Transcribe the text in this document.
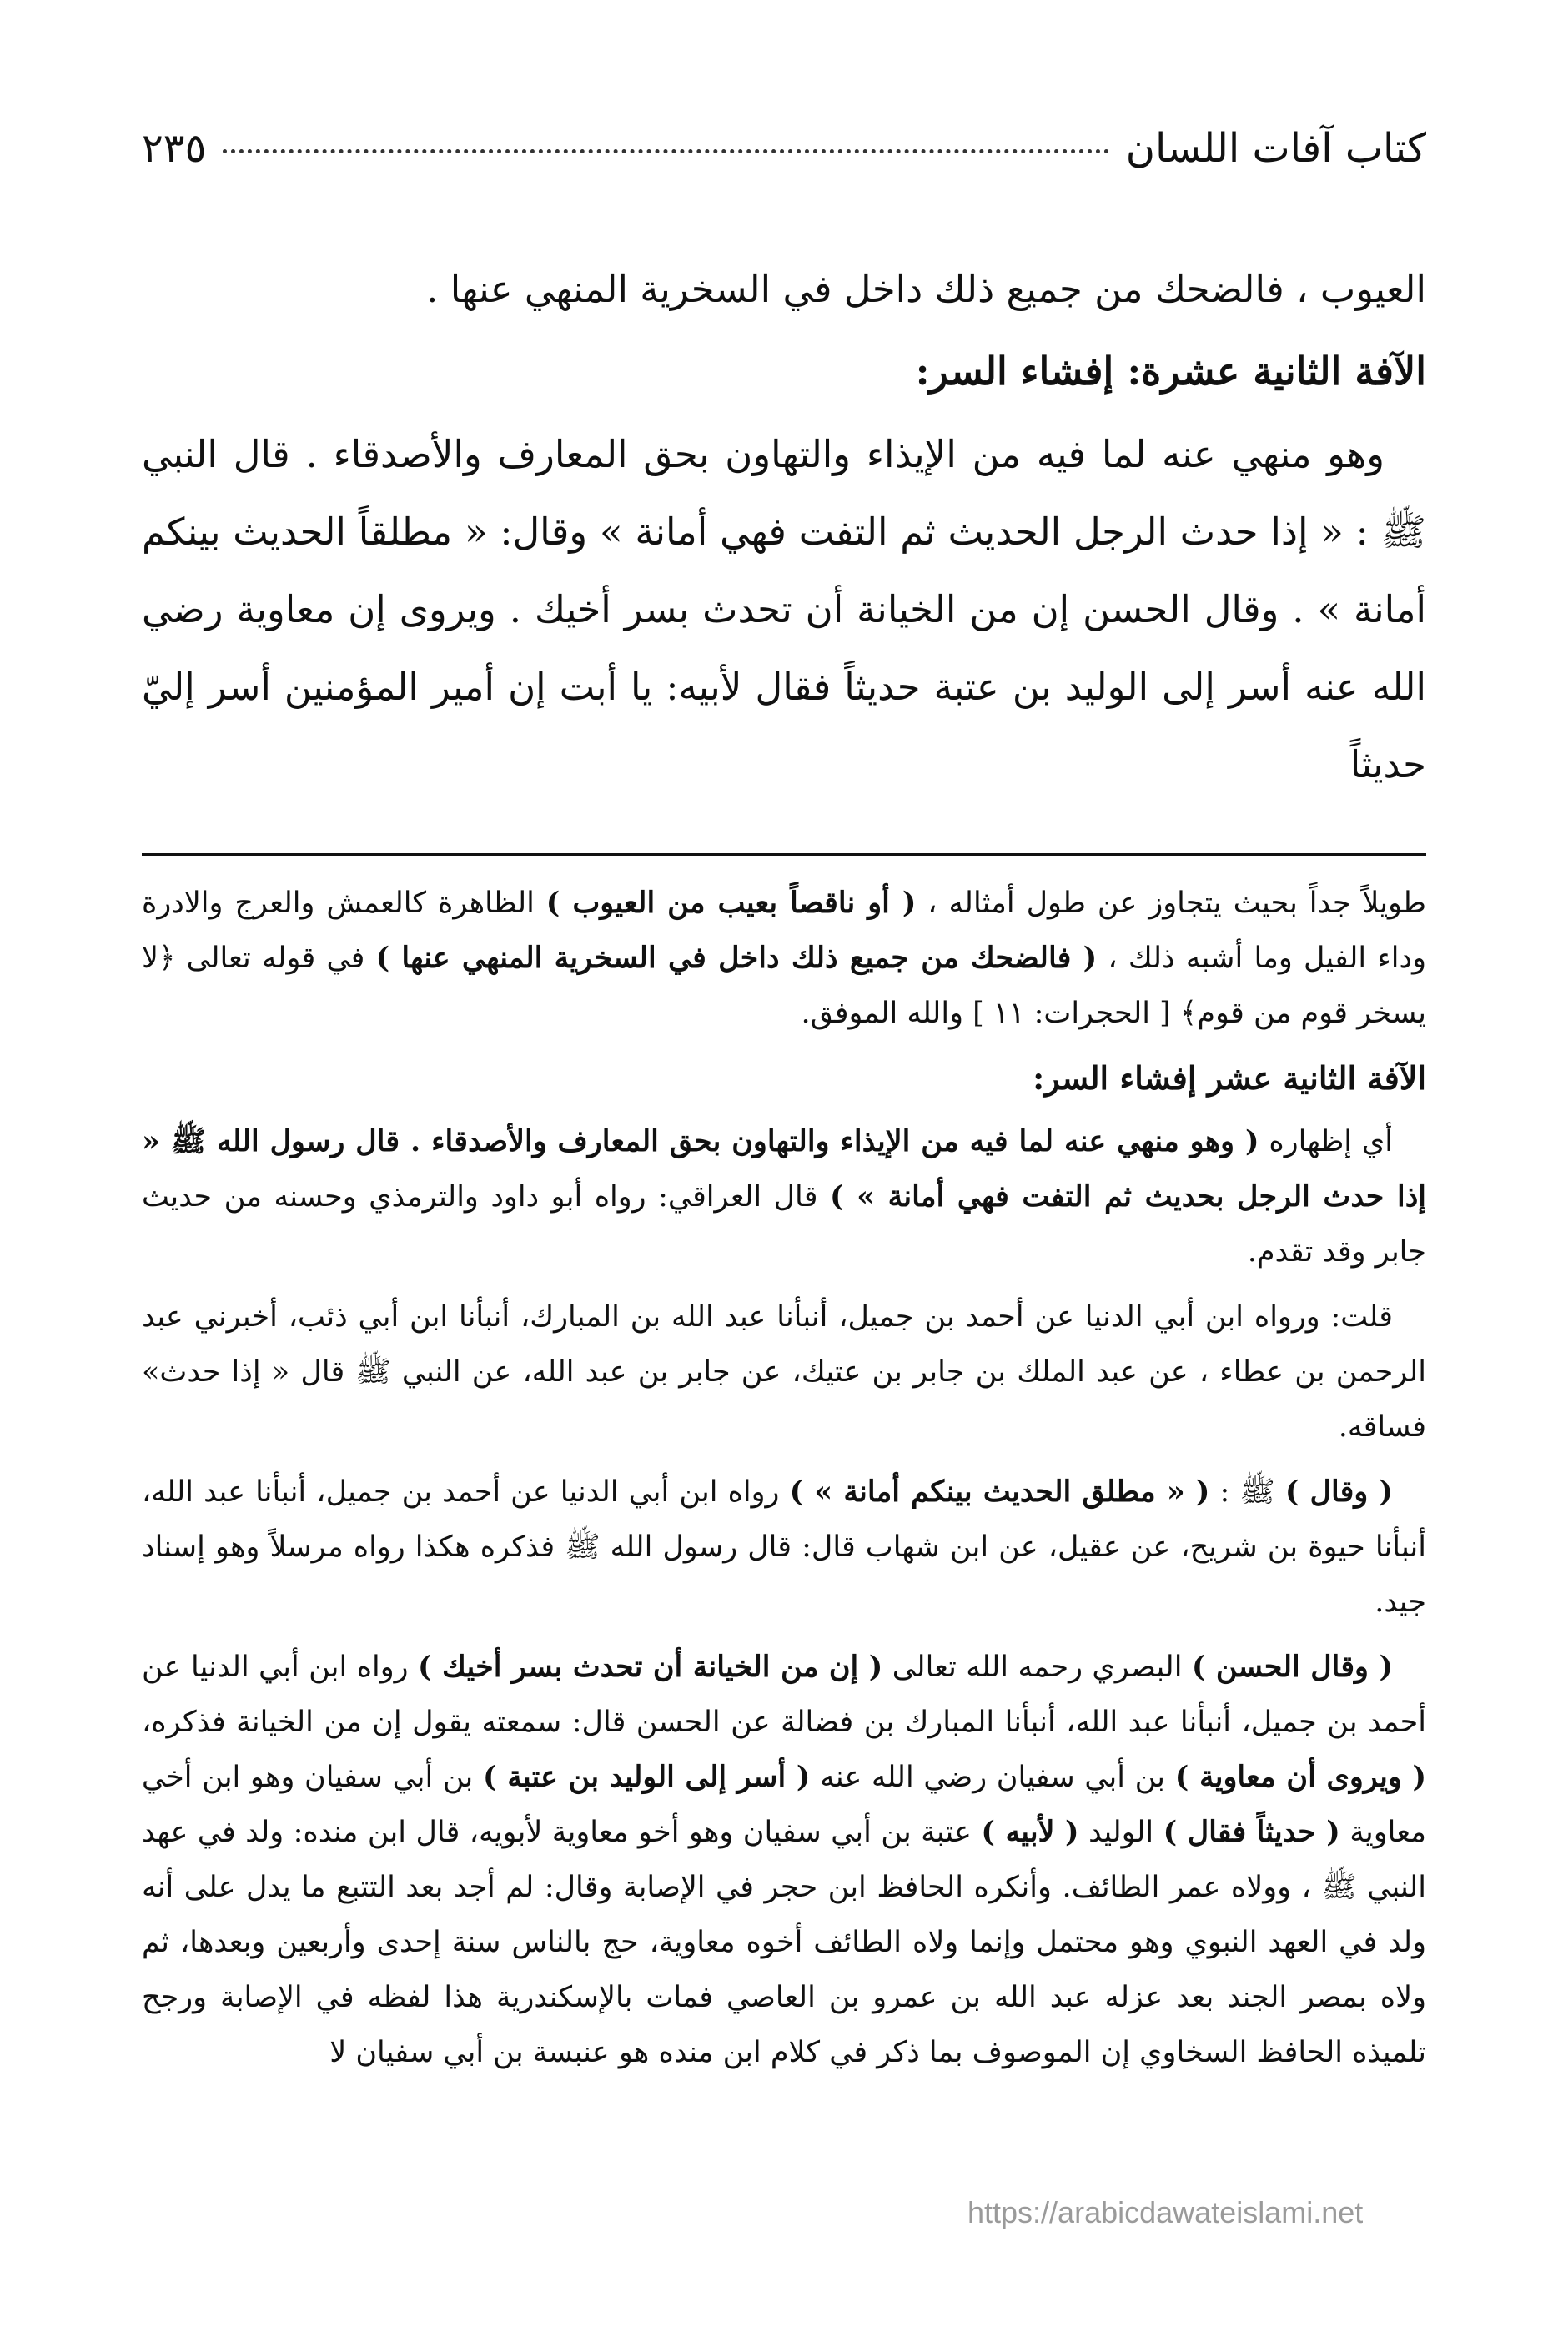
كتاب آفات اللسان
٢٣٥

العيوب ، فالضحك من جميع ذلك داخل في السخرية المنهي عنها .

الآفة الثانية عشرة: إفشاء السر:

وهو منهي عنه لما فيه من الإيذاء والتهاون بحق المعارف والأصدقاء . قال النبي ﷺ : « إذا حدث الرجل الحديث ثم التفت فهي أمانة » وقال: « مطلقاً الحديث بينكم أمانة » . وقال الحسن إن من الخيانة أن تحدث بسر أخيك . ويروى إن معاوية رضي الله عنه أسر إلى الوليد بن عتبة حديثاً فقال لأبيه: يا أبت إن أمير المؤمنين أسر إليّ حديثاً

طويلاً جداً بحيث يتجاوز عن طول أمثاله ، ( أو ناقصاً بعيب من العيوب ) الظاهرة كالعمش والعرج والادرة وداء الفيل وما أشبه ذلك ، ( فالضحك من جميع ذلك داخل في السخرية المنهي عنها ) في قوله تعالى ﴿لا يسخر قوم من قوم﴾ [ الحجرات: ١١ ] والله الموفق.

الآفة الثانية عشر إفشاء السر:

أي إظهاره ( وهو منهي عنه لما فيه من الإيذاء والتهاون بحق المعارف والأصدقاء . قال رسول الله ﷺ « إذا حدث الرجل بحديث ثم التفت فهي أمانة » ) قال العراقي: رواه أبو داود والترمذي وحسنه من حديث جابر وقد تقدم.

قلت: ورواه ابن أبي الدنيا عن أحمد بن جميل، أنبأنا عبد الله بن المبارك، أنبأنا ابن أبي ذئب، أخبرني عبد الرحمن بن عطاء ، عن عبد الملك بن جابر بن عتيك، عن جابر بن عبد الله، عن النبي ﷺ قال « إذا حدث» فساقه.

( وقال ) ﷺ : ( « مطلق الحديث بينكم أمانة » ) رواه ابن أبي الدنيا عن أحمد بن جميل، أنبأنا عبد الله، أنبأنا حيوة بن شريح، عن عقيل، عن ابن شهاب قال: قال رسول الله ﷺ فذكره هكذا رواه مرسلاً وهو إسناد جيد.

( وقال الحسن ) البصري رحمه الله تعالى ( إن من الخيانة أن تحدث بسر أخيك ) رواه ابن أبي الدنيا عن أحمد بن جميل، أنبأنا عبد الله، أنبأنا المبارك بن فضالة عن الحسن قال: سمعته يقول إن من الخيانة فذكره، ( ويروى أن معاوية ) بن أبي سفيان رضي الله عنه ( أسر إلى الوليد بن عتبة ) بن أبي سفيان وهو ابن أخي معاوية ( حديثاً فقال ) الوليد ( لأبيه ) عتبة بن أبي سفيان وهو أخو معاوية لأبويه، قال ابن منده: ولد في عهد النبي ﷺ ، وولاه عمر الطائف. وأنكره الحافظ ابن حجر في الإصابة وقال: لم أجد بعد التتبع ما يدل على أنه ولد في العهد النبوي وهو محتمل وإنما ولاه الطائف أخوه معاوية، حج بالناس سنة إحدى وأربعين وبعدها، ثم ولاه بمصر الجند بعد عزله عبد الله بن عمرو بن العاصي فمات بالإسكندرية هذا لفظه في الإصابة ورجح تلميذه الحافظ السخاوي إن الموصوف بما ذكر في كلام ابن منده هو عنبسة بن أبي سفيان لا

https://arabicdawateislami.net
